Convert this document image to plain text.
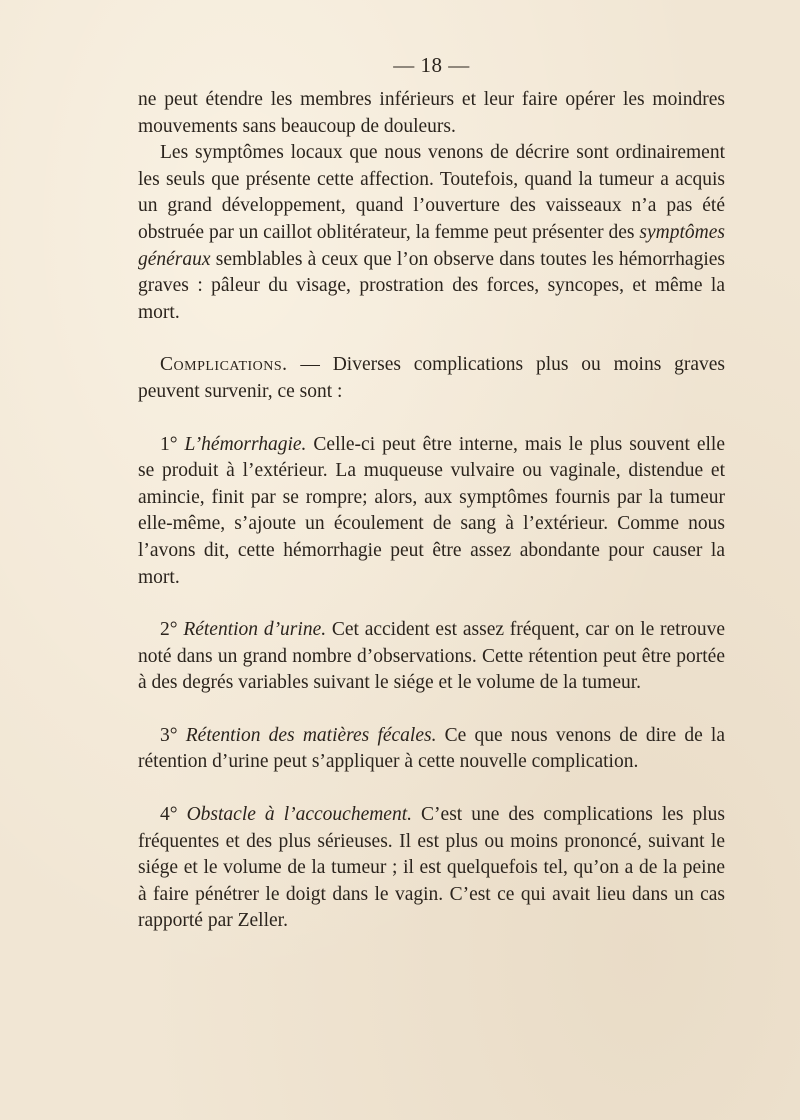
— 18 —

ne peut étendre les membres inférieurs et leur faire opérer les moindres mouvements sans beaucoup de douleurs.

Les symptômes locaux que nous venons de décrire sont ordinairement les seuls que présente cette affection. Toutefois, quand la tumeur a acquis un grand développement, quand l’ouverture des vaisseaux n’a pas été obstruée par un caillot oblitérateur, la femme peut présenter des symptômes généraux semblables à ceux que l’on observe dans toutes les hémorrhagies graves : pâleur du visage, prostration des forces, syncopes, et même la mort.

Complications. — Diverses complications plus ou moins graves peuvent survenir, ce sont :

1° L’hémorrhagie. Celle-ci peut être interne, mais le plus souvent elle se produit à l’extérieur. La muqueuse vulvaire ou vaginale, distendue et amincie, finit par se rompre; alors, aux symptômes fournis par la tumeur elle-même, s’ajoute un écoulement de sang à l’extérieur. Comme nous l’avons dit, cette hémorrhagie peut être assez abondante pour causer la mort.

2° Rétention d’urine. Cet accident est assez fréquent, car on le retrouve noté dans un grand nombre d’observations. Cette rétention peut être portée à des degrés variables suivant le siége et le volume de la tumeur.

3° Rétention des matières fécales. Ce que nous venons de dire de la rétention d’urine peut s’appliquer à cette nouvelle complication.

4° Obstacle à l’accouchement. C’est une des complications les plus fréquentes et des plus sérieuses. Il est plus ou moins prononcé, suivant le siége et le volume de la tumeur ; il est quelquefois tel, qu’on a de la peine à faire pénétrer le doigt dans le vagin. C’est ce qui avait lieu dans un cas rapporté par Zeller.
